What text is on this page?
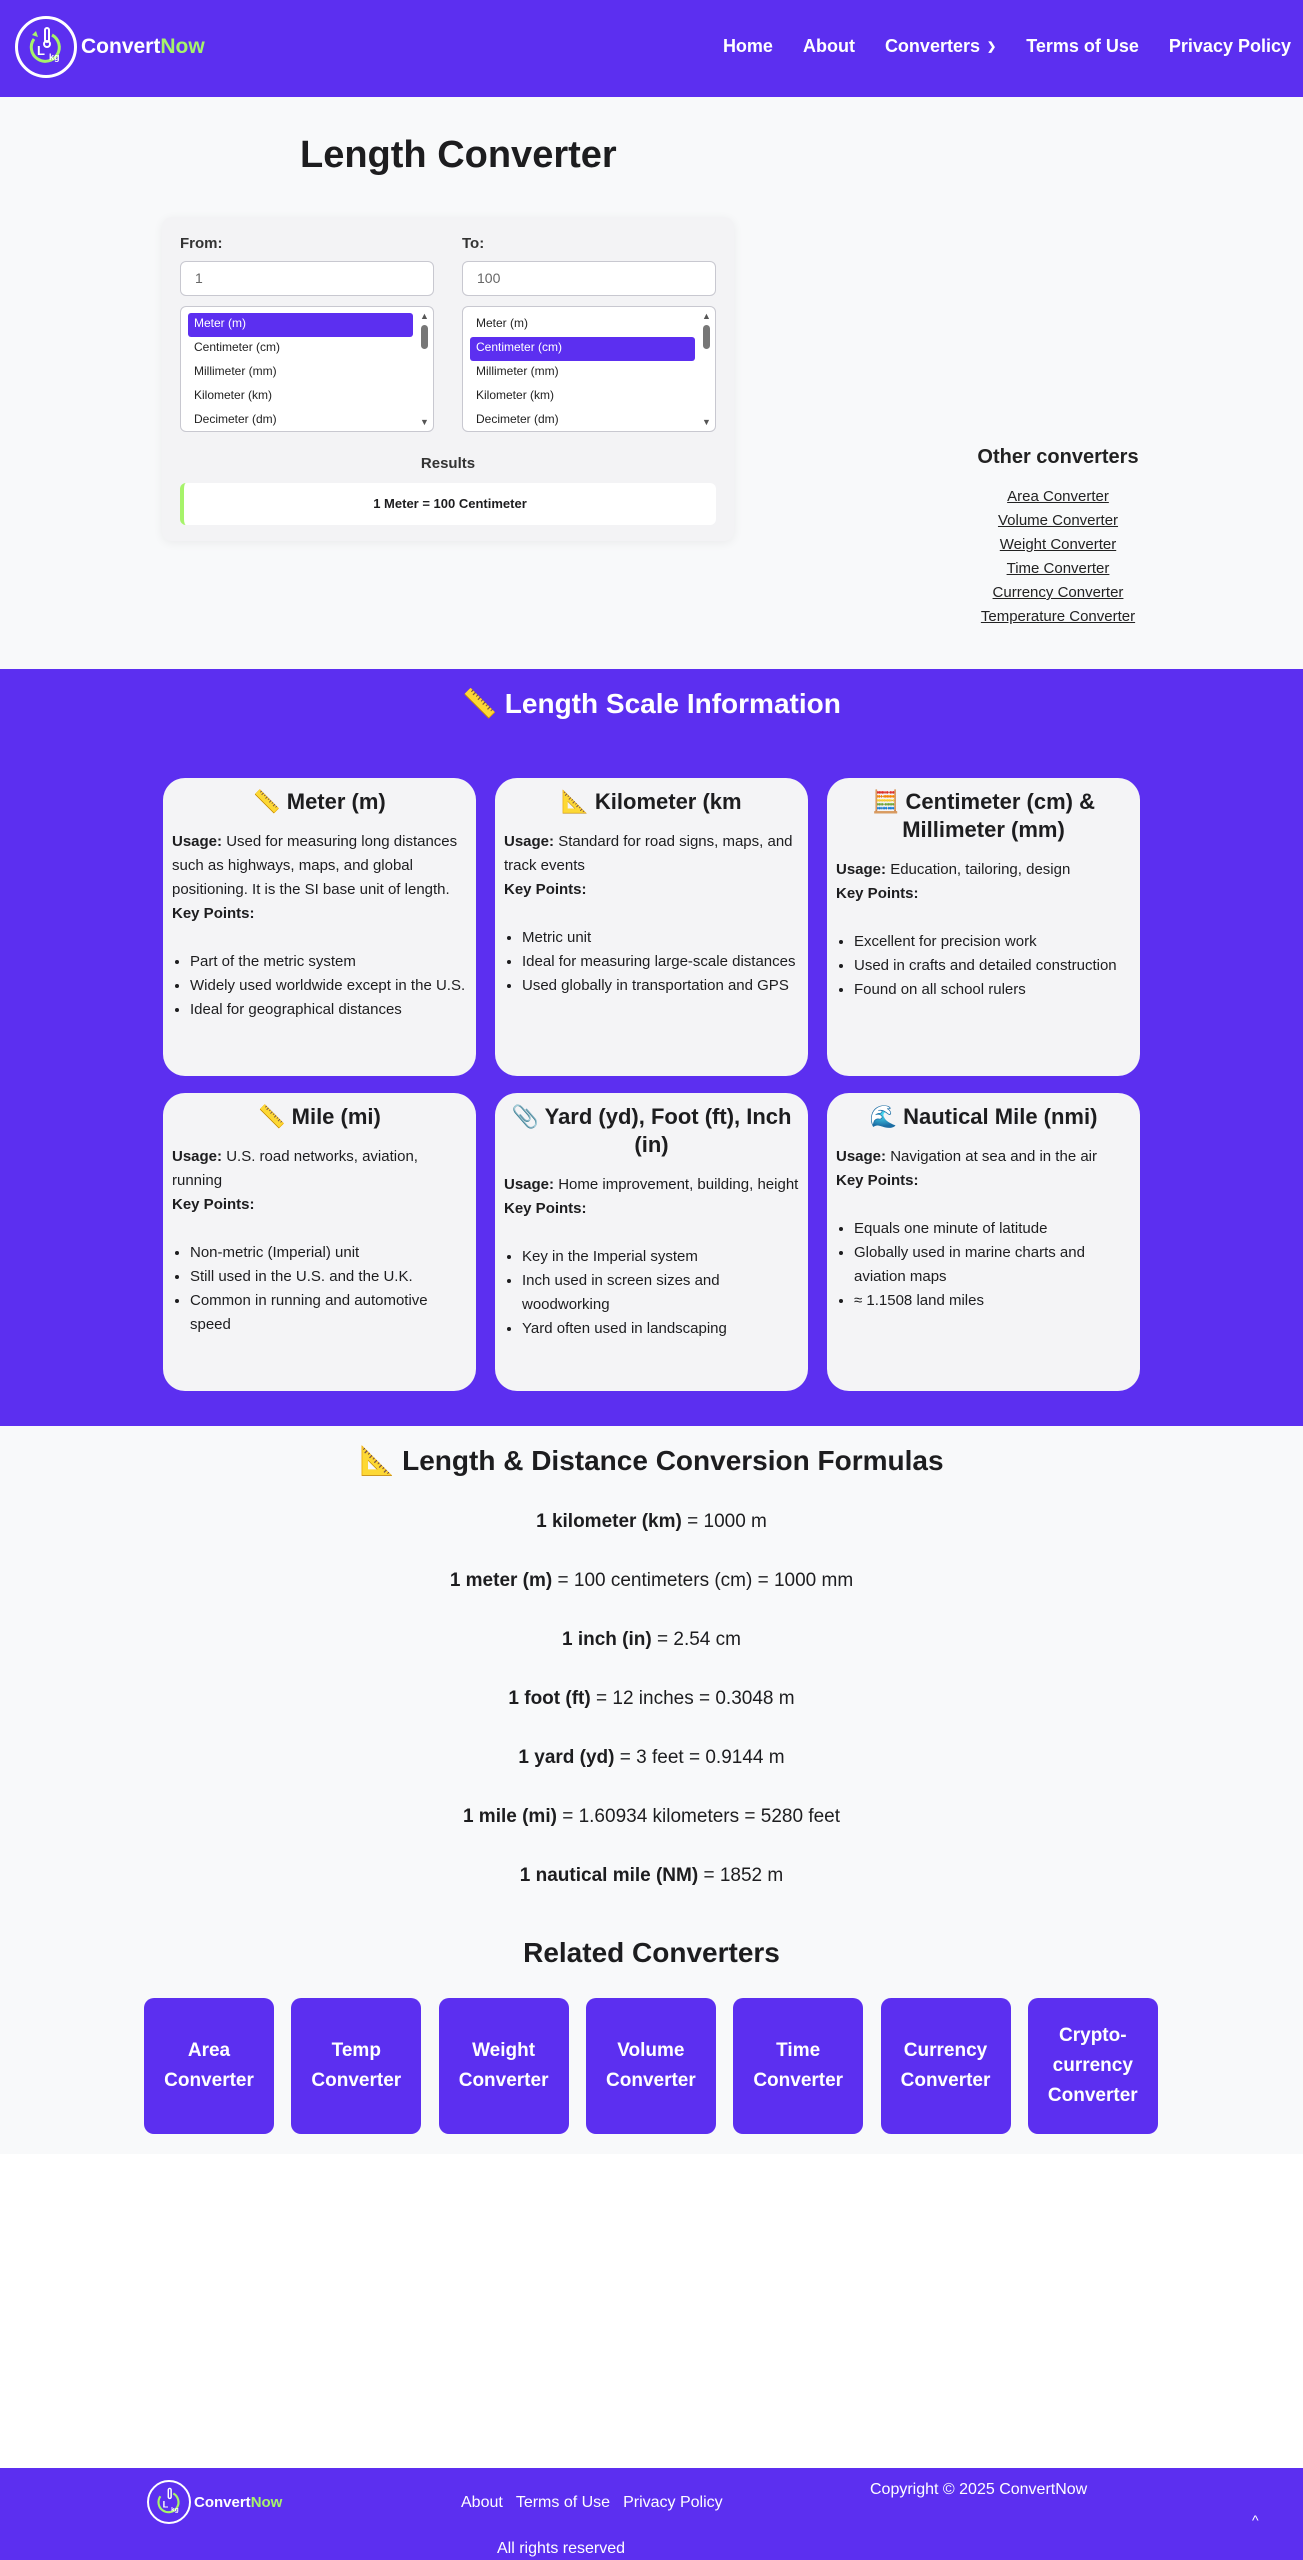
L kg ConvertNow	Home About Converters ❯ Terms of Use Privacy Policy
Length Converter
From:
1
Meter (m)
Centimeter (cm)
Millimeter (mm)
Kilometer (km)
Decimeter (dm)
▲
▼
To:
100
Meter (m)
Centimeter (cm)
Millimeter (mm)
Kilometer (km)
Decimeter (dm)
▲
▼
Results
1 Meter = 100 Centimeter
Other converters
Area Converter
Volume Converter
Weight Converter
Time Converter
Currency Converter
Temperature Converter
📏 Length Scale Information
📏 Meter (m)

Usage: Used for measuring long distances such as highways, maps, and global positioning. It is the SI base unit of length.

Key Points:

• Part of the metric system
• Widely used worldwide except in the U.S.
• Ideal for geographical distances
📐 Kilometer (km

Usage: Standard for road signs, maps, and track events

Key Points:

• Metric unit
• Ideal for measuring large-scale distances
• Used globally in transportation and GPS
🧮 Centimeter (cm) & Millimeter (mm)

Usage: Education, tailoring, design

Key Points:

• Excellent for precision work
• Used in crafts and detailed construction
• Found on all school rulers
📏 Mile (mi)

Usage: U.S. road networks, aviation, running

Key Points:

• Non-metric (Imperial) unit
• Still used in the U.S. and the U.K.
• Common in running and automotive speed
📎 Yard (yd), Foot (ft), Inch (in)

Usage: Home improvement, building, height

Key Points:

• Key in the Imperial system
• Inch used in screen sizes and woodworking
• Yard often used in landscaping
🌊 Nautical Mile (nmi)

Usage: Navigation at sea and in the air

Key Points:

• Equals one minute of latitude
• Globally used in marine charts and aviation maps
• ≈ 1.1508 land miles
📐 Length & Distance Conversion Formulas
1 kilometer (km) = 1000 m
1 meter (m) = 100 centimeters (cm) = 1000 mm
1 inch (in) = 2.54 cm
1 foot (ft) = 12 inches = 0.3048 m
1 yard (yd) = 3 feet = 0.9144 m
1 mile (mi) = 1.60934 kilometers = 5280 feet
1 nautical mile (NM) = 1852 m
Related Converters
Area Converter
Temp Converter
Weight Converter
Volume Converter
Time Converter
Currency Converter
Crypto-currency Converter
L
kg ConvertNow	About Terms of Use Privacy Policy
Copyright © 2025 ConvertNow
All rights reserved
^
